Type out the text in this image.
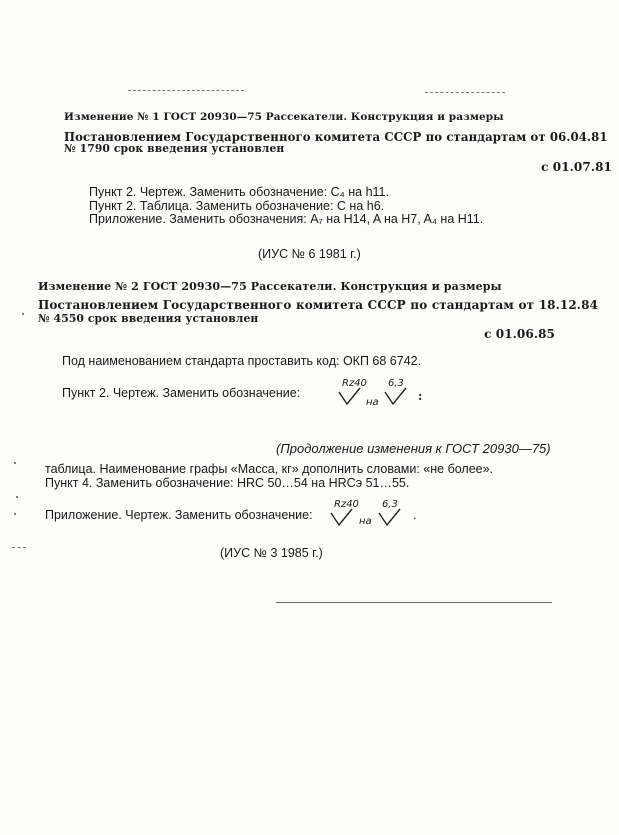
Изменение № 1 ГОСТ 20930—75 Рассекатели. Конструкция и размеры
Постановлением Государственного комитета СССР по стандартам от 06.04.81
№ 1790 срок введения установлен
с 01.07.81
Пункт 2. Чертеж. Заменить обозначение: C₄ на h11.
Пункт 2. Таблица. Заменить обозначение: C на h6.
Приложение. Заменить обозначения: A₇ на H14, A на H7, A₄ на H11.
(ИУС № 6 1981 г.)
Изменение № 2 ГОСТ 20930—75 Рассекатели. Конструкция и размеры
Постановлением Государственного комитета СССР по стандартам от 18.12.84
№ 4550 срок введения установлен
с 01.06.85
Под наименованием стандарта проставить код: ОКП 68 6742.
Пункт 2. Чертеж. Заменить обозначение:
Rz40
на
6,3
:
(Продолжение изменения к ГОСТ 20930—75)
таблица. Наименование графы «Масса, кг» дополнить словами: «не более».
Пункт 4. Заменить обозначение: HRC 50…54 на HRCэ 51…55.
Приложение. Чертеж. Заменить обозначение:
Rz40
на
6,3
.
(ИУС № 3 1985 г.)
